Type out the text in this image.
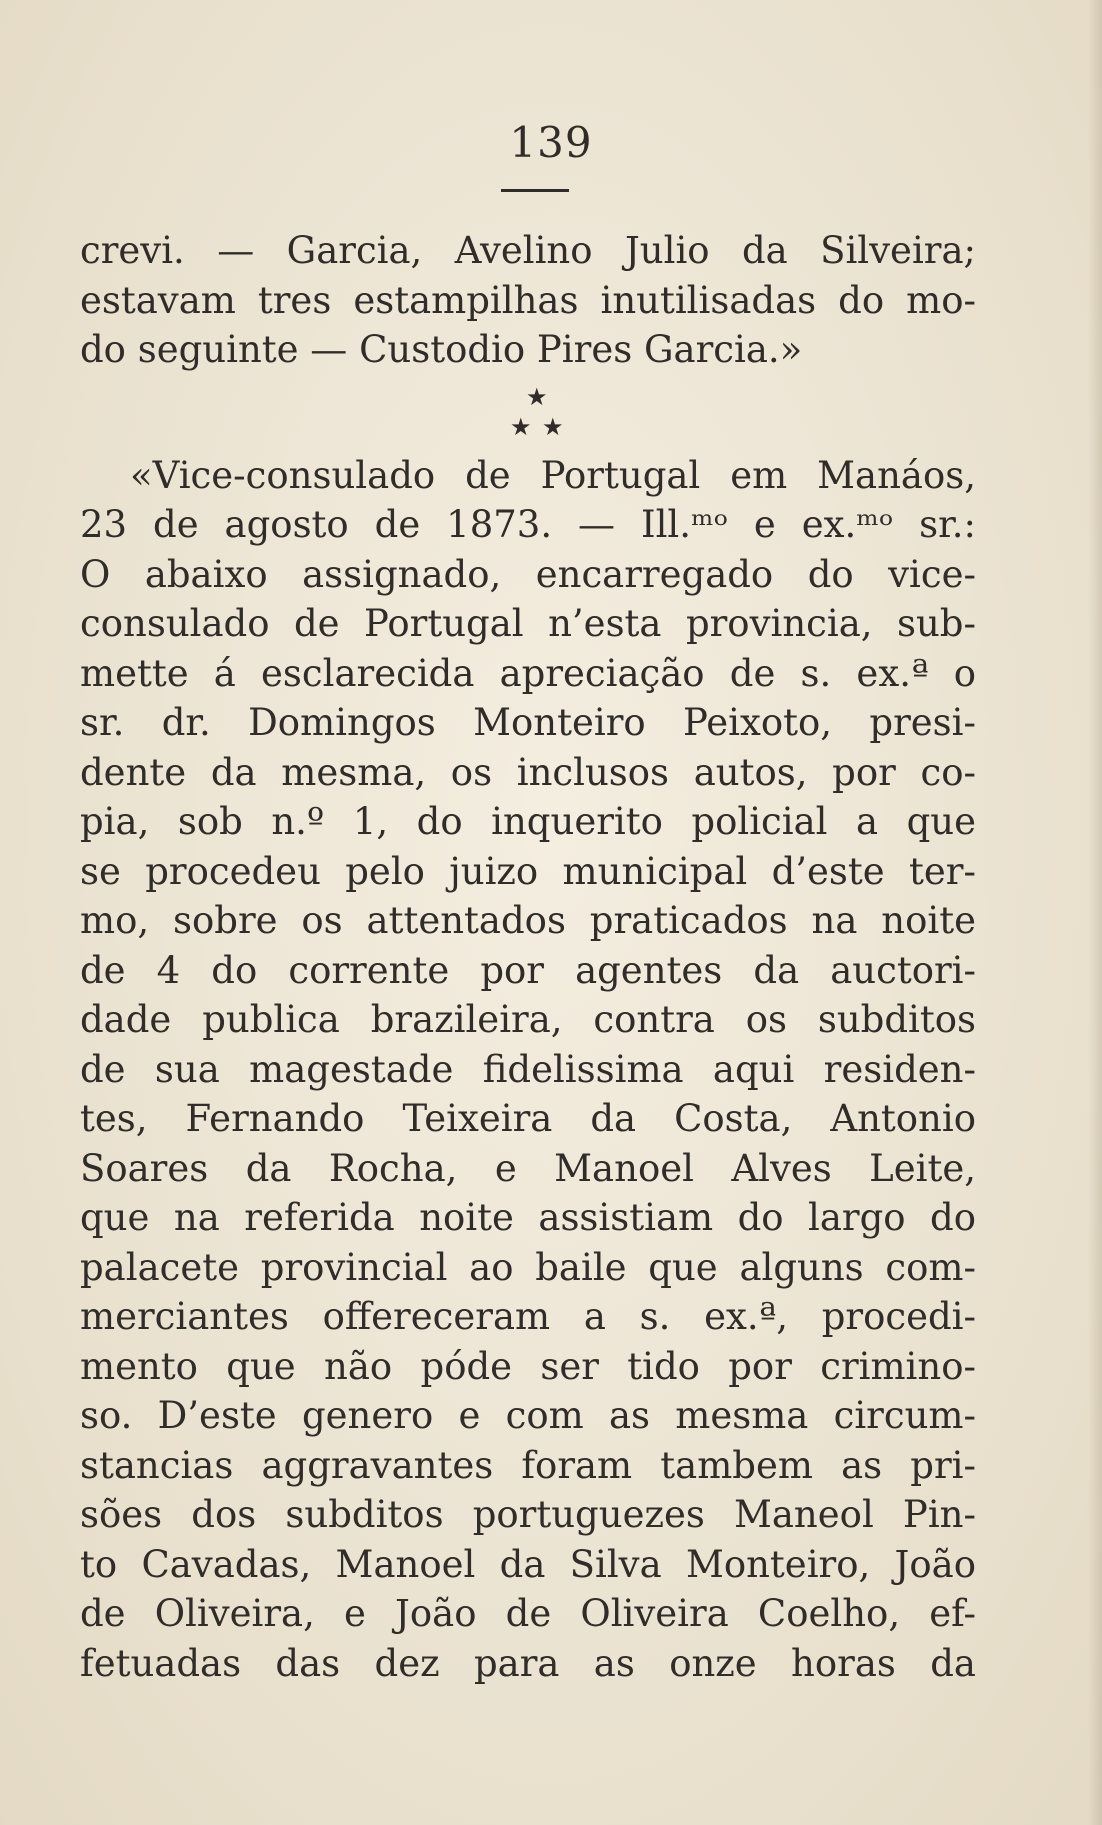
139
crevi. — Garcia, Avelino Julio da Silveira;
estavam tres estampilhas inutilisadas do mo-
do seguinte — Custodio Pires Garcia.»
★
★ ★
«Vice-consulado de Portugal em Manáos,
23 de agosto de 1873. — Ill.ᵐᵒ e ex.ᵐᵒ sr.:
O abaixo assignado, encarregado do vice-
consulado de Portugal n’esta provincia, sub-
mette á esclarecida apreciação de s. ex.ª o
sr. dr. Domingos Monteiro Peixoto, presi-
dente da mesma, os inclusos autos, por co-
pia, sob n.º 1, do inquerito policial a que
se procedeu pelo juizo municipal d’este ter-
mo, sobre os attentados praticados na noite
de 4 do corrente por agentes da auctori-
dade publica brazileira, contra os subditos
de sua magestade fidelissima aqui residen-
tes, Fernando Teixeira da Costa, Antonio
Soares da Rocha, e Manoel Alves Leite,
que na referida noite assistiam do largo do
palacete provincial ao baile que alguns com-
merciantes offereceram a s. ex.ª, procedi-
mento que não póde ser tido por crimino-
so. D’este genero e com as mesma circum-
stancias aggravantes foram tambem as pri-
sões dos subditos portuguezes Maneol Pin-
to Cavadas, Manoel da Silva Monteiro, João
de Oliveira, e João de Oliveira Coelho, ef-
fetuadas das dez para as onze horas da
